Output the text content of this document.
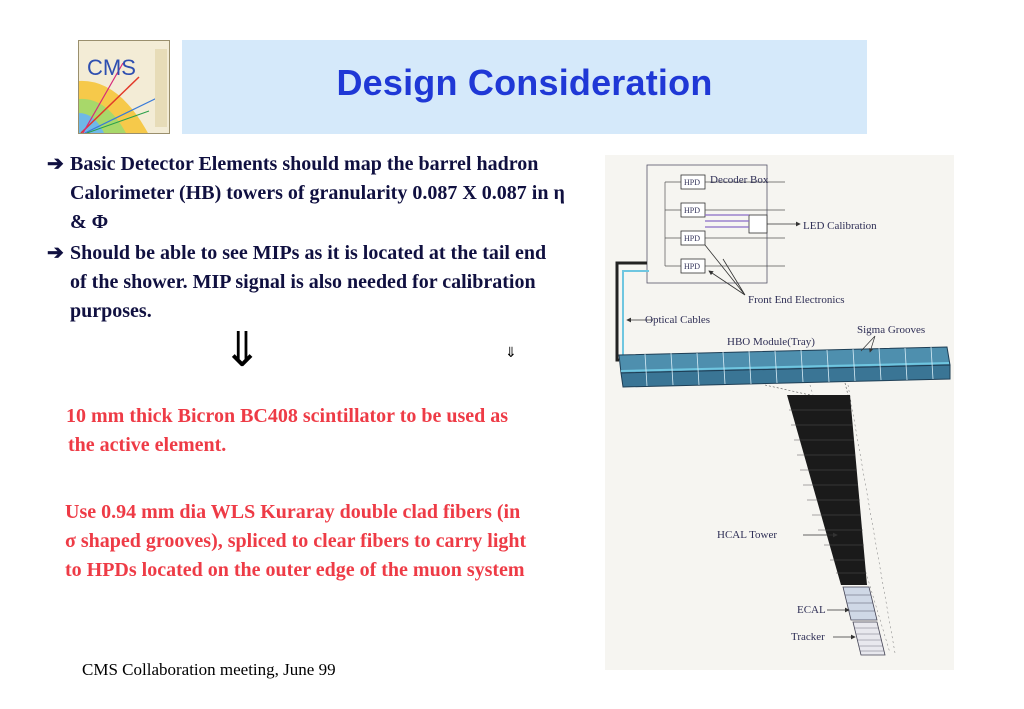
CMS	Design Consideration
➔ Basic Detector Elements should map the barrel hadron Calorimeter (HB) towers of granularity 0.087 X 0.087 in η & Φ
➔ Should be able to see MIPs as it is located at the tail end of the shower. MIP signal is also needed for calibration purposes.
⇓	⇓
10 mm thick Bicron BC408 scintillator to be used as the active element.
Use 0.94 mm dia WLS Kuraray double clad fibers (in σ shaped grooves), spliced to clear fibers to carry light to HPDs located on the outer edge of the muon system
CMS Collaboration meeting, June 99
HPD
HPD
HPD
HPD
Decoder Box
LED Calibration
Front End Electronics
Optical Cables
HBO Module(Tray)
Sigma Grooves
HCAL Tower
ECAL
Tracker
